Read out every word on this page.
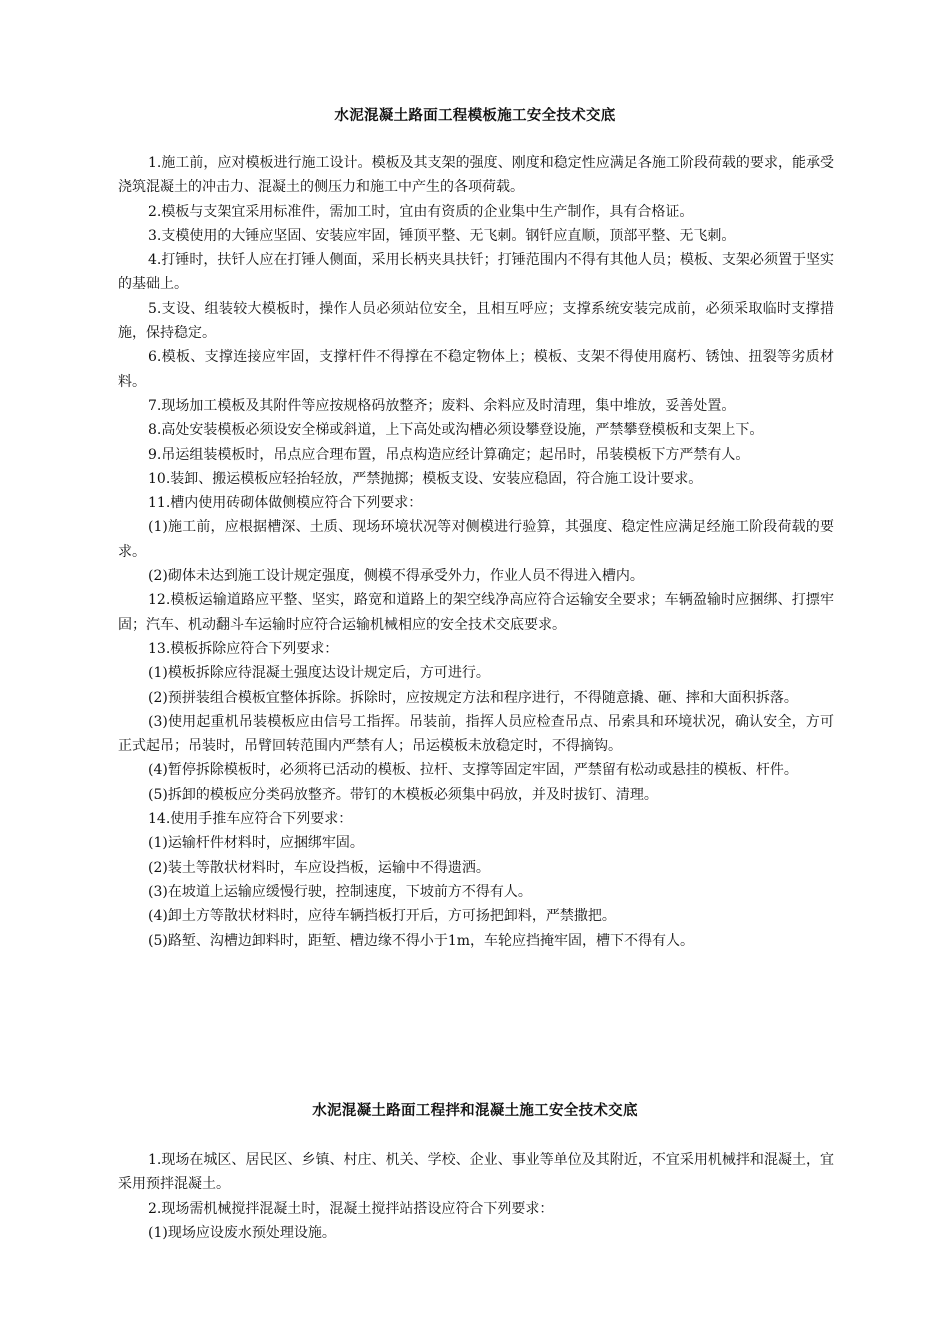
水泥混凝土路面工程模板施工安全技术交底

1.施工前，应对模板进行施工设计。模板及其支架的强度、刚度和稳定性应满足各施工阶段荷载的要求，能承受浇筑混凝土的冲击力、混凝土的侧压力和施工中产生的各项荷载。

2.模板与支架宜采用标准件，需加工时，宜由有资质的企业集中生产制作，具有合格证。

3.支模使用的大锤应坚固、安装应牢固，锤顶平整、无飞刺。钢钎应直顺，顶部平整、无飞刺。

4.打锤时，扶钎人应在打锤人侧面，采用长柄夹具扶钎；打锤范围内不得有其他人员；模板、支架必须置于坚实的基础上。

5.支设、组装较大模板时，操作人员必须站位安全，且相互呼应；支撑系统安装完成前，必须采取临时支撑措施，保持稳定。

6.模板、支撑连接应牢固，支撑杆件不得撑在不稳定物体上；模板、支架不得使用腐朽、锈蚀、扭裂等劣质材料。

7.现场加工模板及其附件等应按规格码放整齐；废料、余料应及时清理，集中堆放，妥善处置。

8.高处安装模板必须设安全梯或斜道，上下高处或沟槽必须设攀登设施，严禁攀登模板和支架上下。

9.吊运组装模板时，吊点应合理布置，吊点构造应经计算确定；起吊时，吊装模板下方严禁有人。

10.装卸、搬运模板应轻抬轻放，严禁抛掷；模板支设、安装应稳固，符合施工设计要求。

11.槽内使用砖砌体做侧模应符合下列要求：

(1)施工前，应根据槽深、土质、现场环境状况等对侧模进行验算，其强度、稳定性应满足经施工阶段荷载的要求。

(2)砌体未达到施工设计规定强度，侧模不得承受外力，作业人员不得进入槽内。

12.模板运输道路应平整、坚实，路宽和道路上的架空线净高应符合运输安全要求；车辆盈输时应捆绑、打摽牢固；汽车、机动翻斗车运输时应符合运输机械相应的安全技术交底要求。

13.模板拆除应符合下列要求：

(1)模板拆除应待混凝土强度达设计规定后，方可进行。

(2)预拼装组合模板宜整体拆除。拆除时，应按规定方法和程序进行，不得随意撬、砸、摔和大面积拆落。

(3)使用起重机吊装模板应由信号工指挥。吊装前，指挥人员应检查吊点、吊索具和环境状况，确认安全，方可正式起吊；吊装时，吊臂回转范围内严禁有人；吊运模板未放稳定时，不得摘钩。

(4)暂停拆除模板时，必须将已活动的模板、拉杆、支撑等固定牢固，严禁留有松动或悬挂的模板、杆件。

(5)拆卸的模板应分类码放整齐。带钉的木模板必须集中码放，并及时拔钉、清理。

14.使用手推车应符合下列要求：

(1)运输杆件材料时，应捆绑牢固。

(2)装土等散状材料时，车应设挡板，运输中不得遗洒。

(3)在坡道上运输应缓慢行驶，控制速度，下坡前方不得有人。

(4)卸土方等散状材料时，应待车辆挡板打开后，方可扬把卸料，严禁撒把。

(5)路堑、沟槽边卸料时，距堑、槽边缘不得小于1m，车轮应挡掩牢固，槽下不得有人。

水泥混凝土路面工程拌和混凝土施工安全技术交底

1.现场在城区、居民区、乡镇、村庄、机关、学校、企业、事业等单位及其附近，不宜采用机械拌和混凝土，宜采用预拌混凝土。

2.现场需机械搅拌混凝土时，混凝土搅拌站搭设应符合下列要求：

(1)现场应设废水预处理设施。
